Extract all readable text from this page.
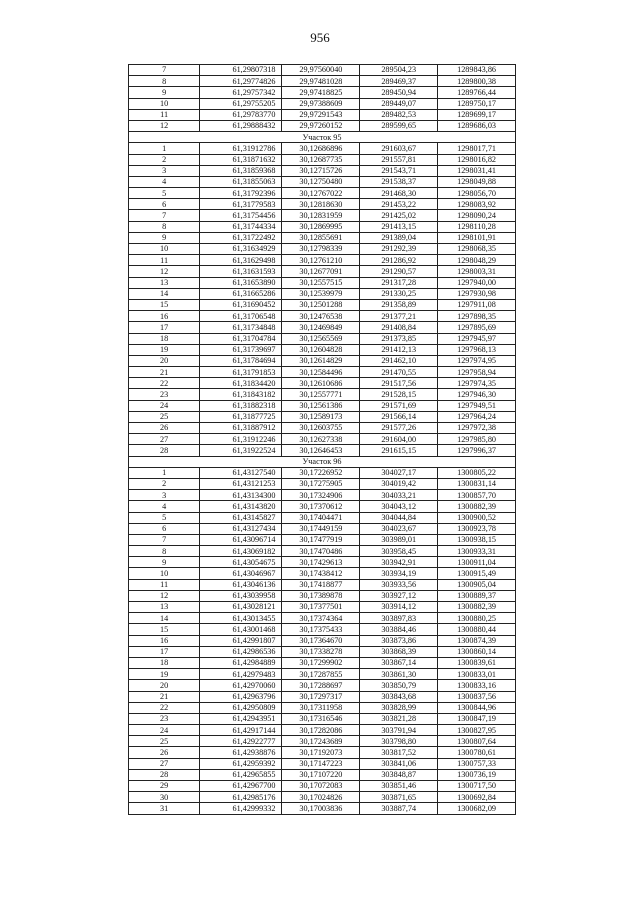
956
7	61,29807318	29,97560040	289504,23	1289843,86
8	61,29774826	29,97481028	289469,37	1289800,38
9	61,29757342	29,97418825	289450,94	1289766,44
10	61,29755205	29,97388609	289449,07	1289750,17
11	61,29783770	29,97291543	289482,53	1289699,17
12	61,29888432	29,97260152	289599,65	1289686,03
Участок 95				
1	61,31912786	30,12686896	291603,67	1298017,71
2	61,31871632	30,12687735	291557,81	1298016,82
3	61,31859368	30,12715726	291543,71	1298031,41
4	61,31855063	30,12750480	291538,37	1298049,88
5	61,31792396	30,12767022	291468,30	1298056,70
6	61,31779583	30,12818630	291453,22	1298083,92
7	61,31754456	30,12831959	291425,02	1298090,24
8	61,31744334	30,12869995	291413,15	1298110,28
9	61,31722492	30,12855691	291389,04	1298101,91
10	61,31634929	30,12798339	291292,39	1298068,35
11	61,31629498	30,12761210	291286,92	1298048,29
12	61,31631593	30,12677091	291290,57	1298003,31
13	61,31653890	30,12557515	291317,28	1297940,00
14	61,31665286	30,12539979	291330,25	1297930,98
15	61,31690452	30,12501288	291358,89	1297911,08
16	61,31706548	30,12476538	291377,21	1297898,35
17	61,31734848	30,12469849	291408,84	1297895,69
18	61,31704784	30,12565569	291373,85	1297945,97
19	61,31739697	30,12604828	291412,13	1297968,13
20	61,31784694	30,12614829	291462,10	1297974,95
21	61,31791853	30,12584496	291470,55	1297958,94
22	61,31834420	30,12610686	291517,56	1297974,35
23	61,31843182	30,12557771	291528,15	1297946,30
24	61,31882318	30,12561386	291571,69	1297949,51
25	61,31877725	30,12589173	291566,14	1297964,24
26	61,31887912	30,12603755	291577,26	1297972,38
27	61,31912246	30,12627338	291604,00	1297985,80
28	61,31922524	30,12646453	291615,15	1297996,37
Участок 96				
1	61,43127540	30,17226952	304027,17	1300805,22
2	61,43121253	30,17275905	304019,42	1300831,14
3	61,43134300	30,17324906	304033,21	1300857,70
4	61,43143820	30,17370612	304043,12	1300882,39
5	61,43145827	30,17404471	304044,84	1300900,52
6	61,43127434	30,17449159	304023,67	1300923,78
7	61,43096714	30,17477919	303989,01	1300938,15
8	61,43069182	30,17470486	303958,45	1300933,31
9	61,43054675	30,17429613	303942,91	1300911,04
10	61,43046967	30,17438412	303934,19	1300915,49
11	61,43046136	30,17418877	303933,56	1300905,04
12	61,43039958	30,17389878	303927,12	1300889,37
13	61,43028121	30,17377501	303914,12	1300882,39
14	61,43013455	30,17374364	303897,83	1300880,25
15	61,43001468	30,17375433	303884,46	1300880,44
16	61,42991807	30,17364670	303873,86	1300874,39
17	61,42986536	30,17338278	303868,39	1300860,14
18	61,42984889	30,17299902	303867,14	1300839,61
19	61,42979483	30,17287855	303861,30	1300833,01
20	61,42970060	30,17288697	303850,79	1300833,16
21	61,42963796	30,17297317	303843,68	1300837,56
22	61,42950809	30,17311958	303828,99	1300844,96
23	61,42943951	30,17316546	303821,28	1300847,19
24	61,42917144	30,17282086	303791,94	1300827,95
25	61,42922777	30,17243689	303798,80	1300807,64
26	61,42938876	30,17192073	303817,52	1300780,61
27	61,42959392	30,17147223	303841,06	1300757,33
28	61,42965855	30,17107220	303848,87	1300736,19
29	61,42967700	30,17072083	303851,46	1300717,50
30	61,42985176	30,17024826	303871,65	1300692,84
31	61,42999332	30,17003836	303887,74	1300682,09
